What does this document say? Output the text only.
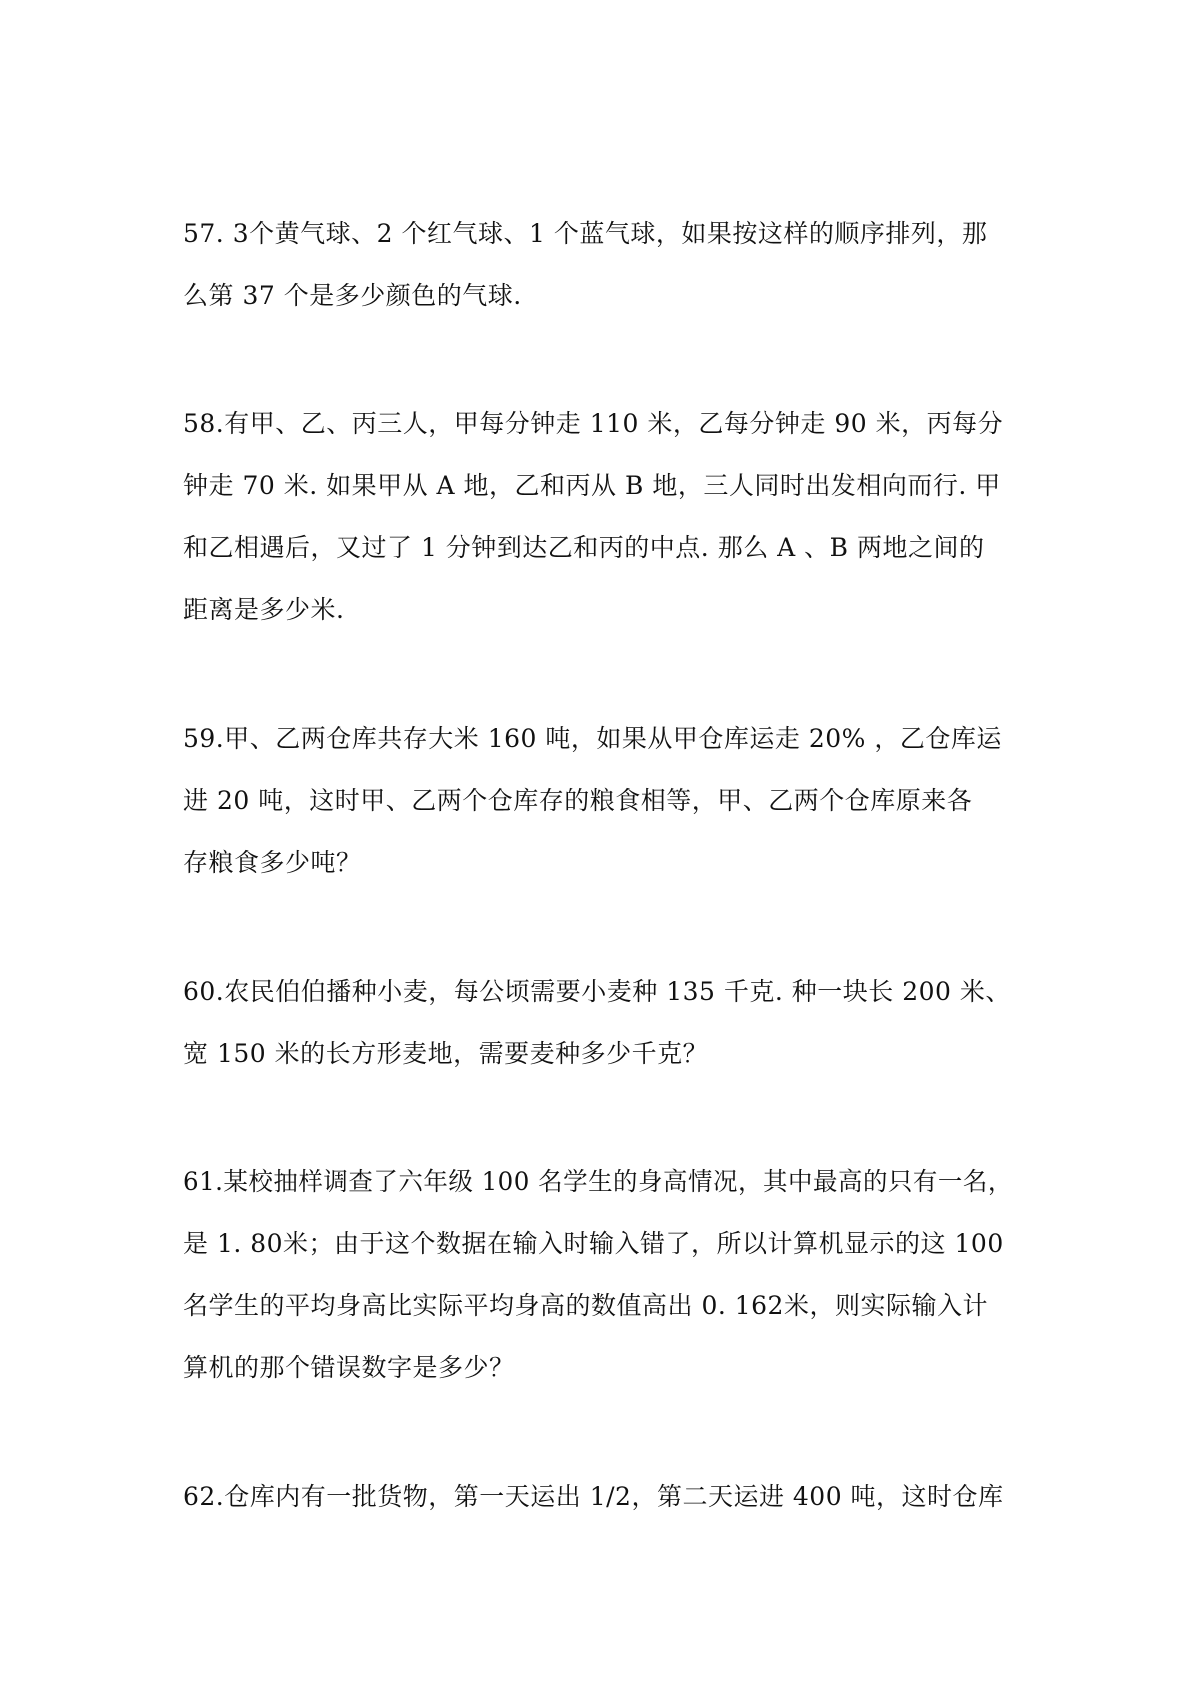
57. 3个黄气球、2 个红气球、1 个蓝气球，如果按这样的顺序排列，那
么第 37 个是多少颜色的气球.
58.有甲、乙、丙三人，甲每分钟走 110 米，乙每分钟走 90 米，丙每分
钟走 70 米. 如果甲从 A 地，乙和丙从 B 地，三人同时出发相向而行. 甲
和乙相遇后，又过了 1 分钟到达乙和丙的中点. 那么 A 、B 两地之间的
距离是多少米.
59.甲、乙两仓库共存大米 160 吨，如果从甲仓库运走 20% ，乙仓库运
进 20 吨，这时甲、乙两个仓库存的粮食相等，甲、乙两个仓库原来各
存粮食多少吨？
60.农民伯伯播种小麦，每公顷需要小麦种 135 千克. 种一块长 200 米、
宽 150 米的长方形麦地，需要麦种多少千克？
61.某校抽样调查了六年级 100 名学生的身高情况，其中最高的只有一名，
是 1. 80米；由于这个数据在输入时输入错了，所以计算机显示的这 100
名学生的平均身高比实际平均身高的数值高出 0. 162米，则实际输入计
算机的那个错误数字是多少？
62.仓库内有一批货物，第一天运出 1/2，第二天运进 400 吨，这时仓库
